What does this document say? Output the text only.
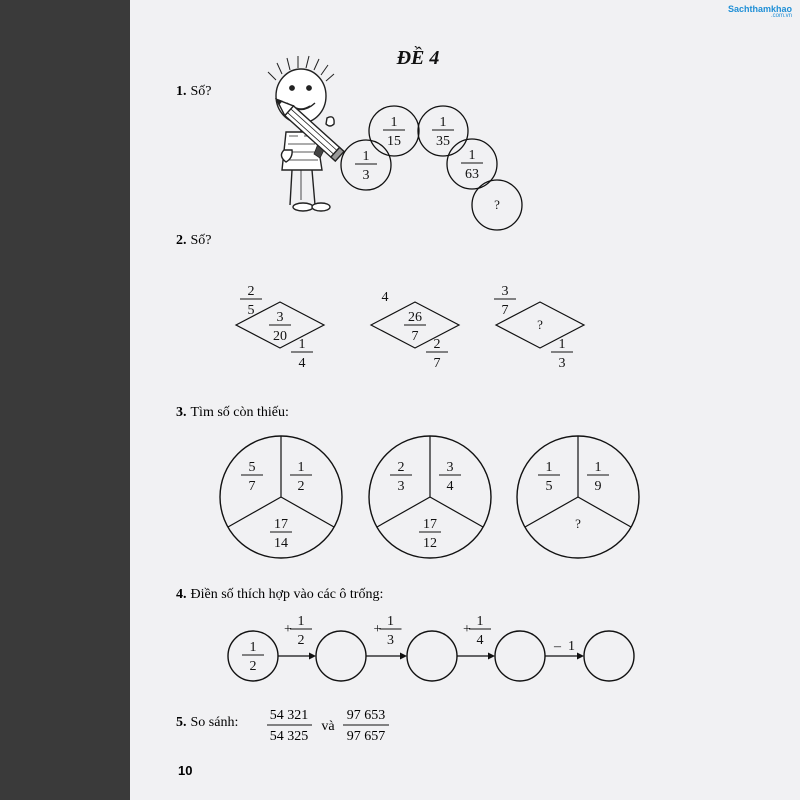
Sachthamkhao
.com.vn
ĐỀ 4
1. Số?
1
3
1
15
1
35
1
63
?
2. Số?
3
20
2
5
1
4
26
7
4
2
7
?
3
7
1
3
3. Tìm số còn thiếu:
5
7
1
2
17
14
2
3
3
4
17
12
1
5
1
9
?
4. Điền số thích hợp vào các ô trống:
1
2
+
1
2
+
1
3
+
1
4	– 1
5. So sánh: 54 321
54 325
và
97 653
97 657
10
